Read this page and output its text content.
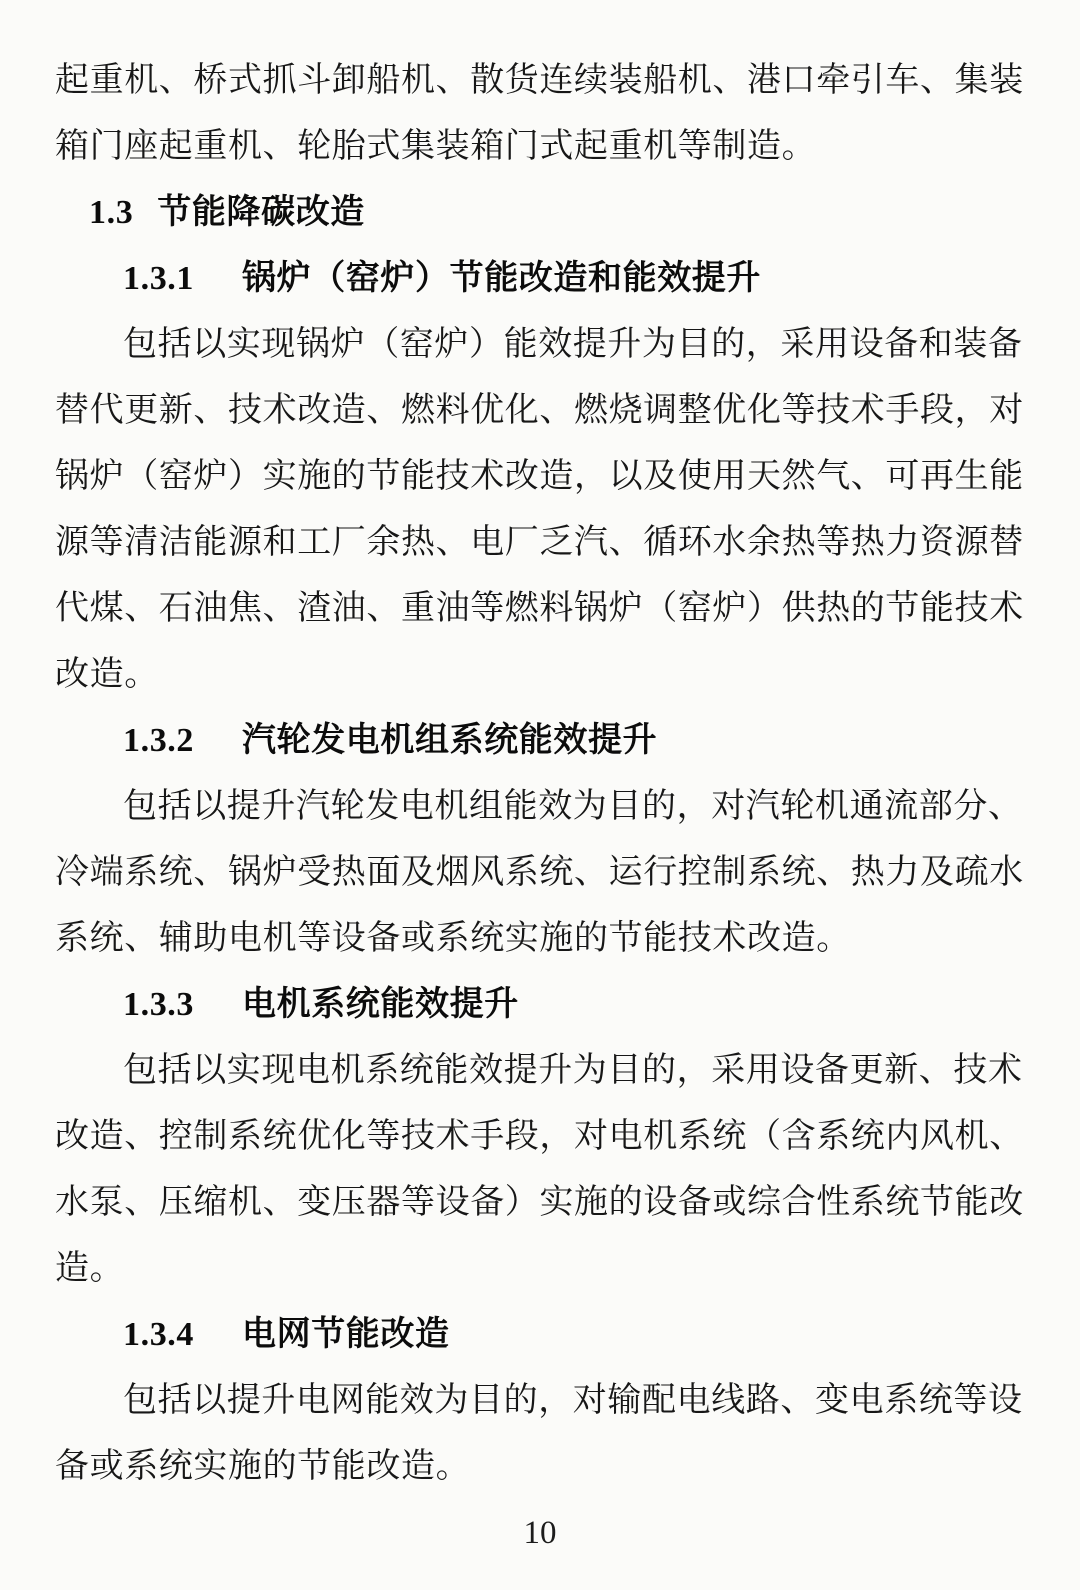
起重机、桥式抓斗卸船机、散货连续装船机、港口牵引车、集装
箱门座起重机、轮胎式集装箱门式起重机等制造。
1.3 节能降碳改造
1.3.1 锅炉（窑炉）节能改造和能效提升
包括以实现锅炉（窑炉）能效提升为目的，采用设备和装备
替代更新、技术改造、燃料优化、燃烧调整优化等技术手段，对
锅炉（窑炉）实施的节能技术改造，以及使用天然气、可再生能
源等清洁能源和工厂余热、电厂乏汽、循环水余热等热力资源替
代煤、石油焦、渣油、重油等燃料锅炉（窑炉）供热的节能技术
改造。
1.3.2 汽轮发电机组系统能效提升
包括以提升汽轮发电机组能效为目的，对汽轮机通流部分、
冷端系统、锅炉受热面及烟风系统、运行控制系统、热力及疏水
系统、辅助电机等设备或系统实施的节能技术改造。
1.3.3 电机系统能效提升
包括以实现电机系统能效提升为目的，采用设备更新、技术
改造、控制系统优化等技术手段，对电机系统（含系统内风机、
水泵、压缩机、变压器等设备）实施的设备或综合性系统节能改
造。
1.3.4 电网节能改造
包括以提升电网能效为目的，对输配电线路、变电系统等设
备或系统实施的节能改造。
10
